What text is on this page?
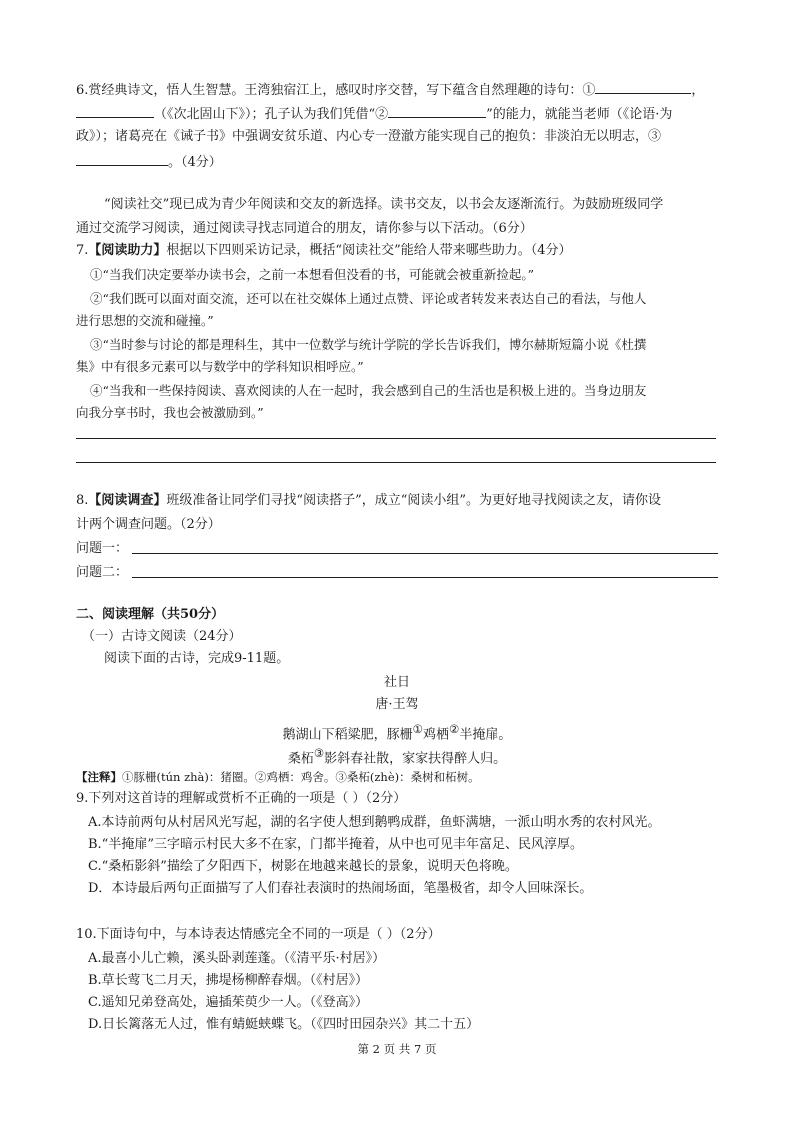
6.赏经典诗文，悟人生智慧。王湾独宿江上，感叹时序交替，写下蕴含自然理趣的诗句：①	，
（《次北固山下》）；孔子认为我们凭借“②	”的能力，就能当老师（《论语·为
政》）；诸葛亮在《诫子书》中强调安贫乐道、内心专一澄澈方能实现自己的抱负：非淡泊无以明志，③
。（4分）
“阅读社交”现已成为青少年阅读和交友的新选择。读书交友，以书会友逐渐流行。为鼓励班级同学
通过交流学习阅读，通过阅读寻找志同道合的朋友，请你参与以下活动。（6分）
7.【阅读助力】根据以下四则采访记录，概括“阅读社交”能给人带来哪些助力。（4分）
①“当我们决定要举办读书会，之前一本想看但没看的书，可能就会被重新捡起。”
②“我们既可以面对面交流，还可以在社交媒体上通过点赞、评论或者转发来表达自己的看法，与他人
进行思想的交流和碰撞。”
③“当时参与讨论的都是理科生，其中一位数学与统计学院的学长告诉我们，博尔赫斯短篇小说《杜撰
集》中有很多元素可以与数学中的学科知识相呼应。”
④“当我和一些保持阅读、喜欢阅读的人在一起时，我会感到自己的生活也是积极上进的。当身边朋友
向我分享书时，我也会被激励到。”
8.【阅读调查】班级准备让同学们寻找“阅读搭子”，成立“阅读小组”。为更好地寻找阅读之友，请你设
计两个调查问题。（2分）
问题一：
问题二：
二、阅读理解（共50分）
（一）古诗文阅读（24分）
阅读下面的古诗，完成9-11题。
社日
唐·王驾
鹅湖山下稻粱肥，豚栅①鸡栖②半掩扉。
桑柘③影斜春社散，家家扶得醉人归。
【注释】①豚栅(tún zhà)：猪圈。②鸡栖：鸡舍。③桑柘(zhè)：桑树和柘树。
9.下列对这首诗的理解或赏析不正确的一项是（ ）（2分）
A.本诗前两句从村居风光写起，湖的名字使人想到鹅鸭成群，鱼虾满塘，一派山明水秀的农村风光。
B.“半掩扉”三字暗示村民大多不在家，门都半掩着，从中也可见丰年富足、民风淳厚。
C.“桑柘影斜”描绘了夕阳西下，树影在地越来越长的景象，说明天色将晚。
D．本诗最后两句正面描写了人们春社表演时的热闹场面，笔墨极省，却令人回味深长。
10.下面诗句中，与本诗表达情感完全不同的一项是（ ）（2分）
A.最喜小儿亡赖，溪头卧剥莲蓬。（《清平乐·村居》）
B.草长莺飞二月天，拂堤杨柳醉春烟。（《村居》）
C.遥知兄弟登高处，遍插茱萸少一人。（《登高》）
D.日长篱落无人过，惟有蜻蜓蛱蝶飞。（《四时田园杂兴》其二十五）
第 2 页 共 7 页
